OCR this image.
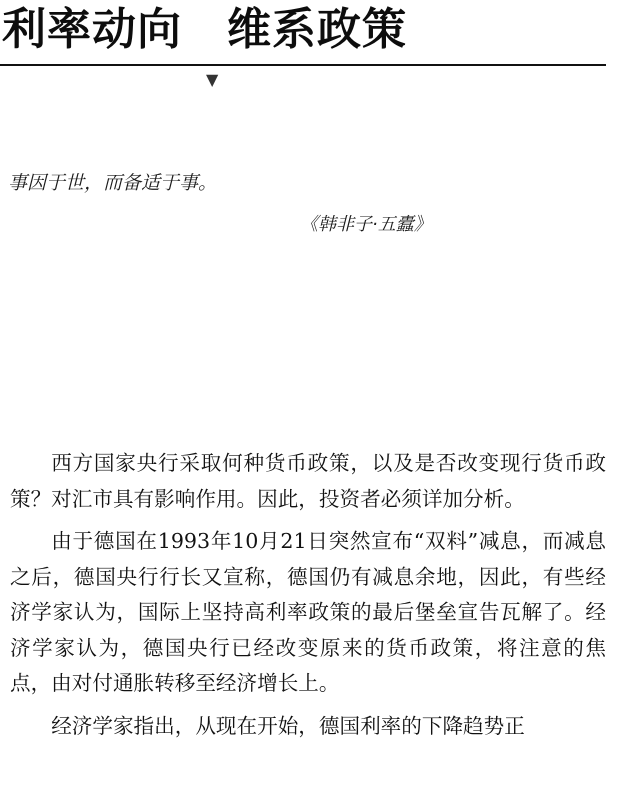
利率动向　维系政策
▼
事因于世，而备适于事。
《韩非子·五蠹》

西方国家央行采取何种货币政策，以及是否改变现行货币政策？对汇市具有影响作用。因此，投资者必须详加分析。

由于德国在1993年10月21日突然宣布“双料”减息，而减息之后，德国央行行长又宣称，德国仍有减息余地，因此，有些经济学家认为，国际上坚持高利率政策的最后堡垒宣告瓦解了。经济学家认为，德国央行已经改变原来的货币政策，将注意的焦点，由对付通胀转移至经济增长上。

经济学家指出，从现在开始，德国利率的下降趋势正
